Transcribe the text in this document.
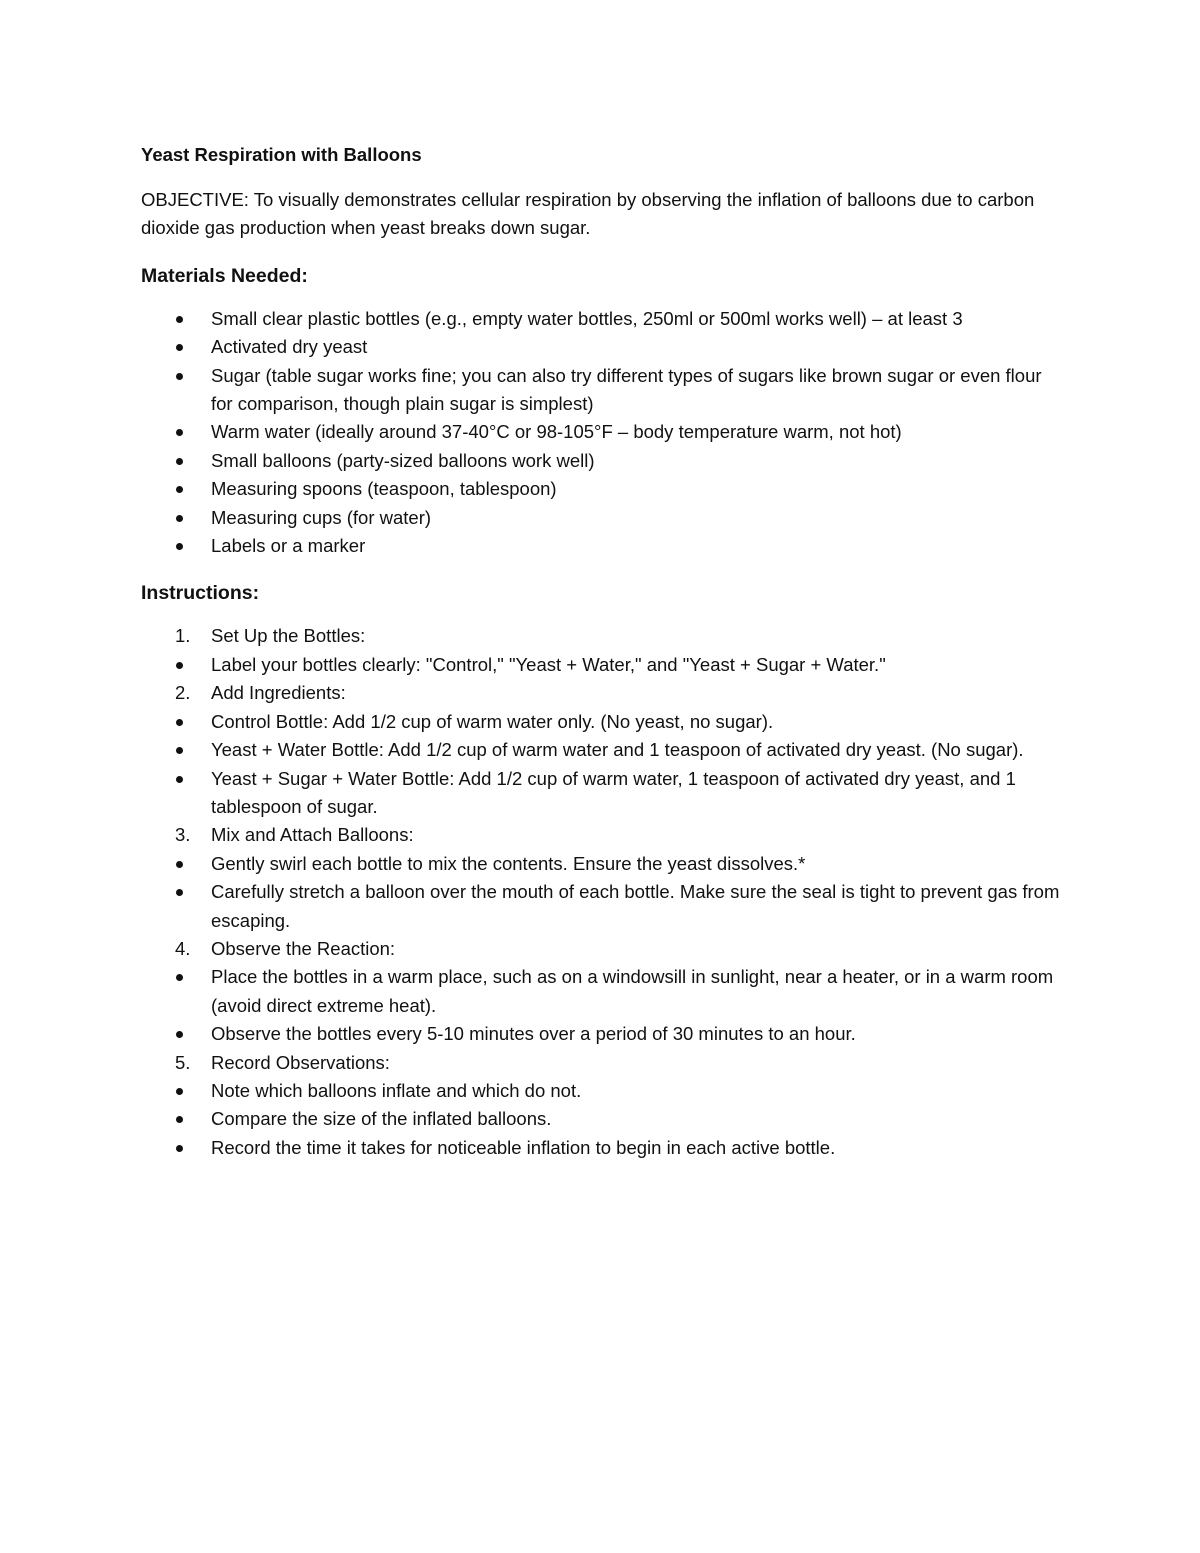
Yeast Respiration with Balloons
OBJECTIVE: To visually demonstrates cellular respiration by observing the inflation of balloons due to carbon dioxide gas production when yeast breaks down sugar.
Materials Needed:
Small clear plastic bottles (e.g., empty water bottles, 250ml or 500ml works well) – at least 3
Activated dry yeast
Sugar (table sugar works fine; you can also try different types of sugars like brown sugar or even flour for comparison, though plain sugar is simplest)
Warm water (ideally around 37-40°C or 98-105°F – body temperature warm, not hot)
Small balloons (party-sized balloons work well)
Measuring spoons (teaspoon, tablespoon)
Measuring cups (for water)
Labels or a marker
Instructions:
1.	Set Up the Bottles:
Label your bottles clearly: "Control," "Yeast + Water," and "Yeast + Sugar + Water."
2.	Add Ingredients:
Control Bottle: Add 1/2 cup of warm water only. (No yeast, no sugar).
Yeast + Water Bottle: Add 1/2 cup of warm water and 1 teaspoon of activated dry yeast. (No sugar).
Yeast + Sugar + Water Bottle: Add 1/2 cup of warm water, 1 teaspoon of activated dry yeast, and 1 tablespoon of sugar.
3.	Mix and Attach Balloons:
Gently swirl each bottle to mix the contents. Ensure the yeast dissolves.*
Carefully stretch a balloon over the mouth of each bottle. Make sure the seal is tight to prevent gas from escaping.
4.	Observe the Reaction:
Place the bottles in a warm place, such as on a windowsill in sunlight, near a heater, or in a warm room (avoid direct extreme heat).
Observe the bottles every 5-10 minutes over a period of 30 minutes to an hour.
5.	Record Observations:
Note which balloons inflate and which do not.
Compare the size of the inflated balloons.
Record the time it takes for noticeable inflation to begin in each active bottle.
